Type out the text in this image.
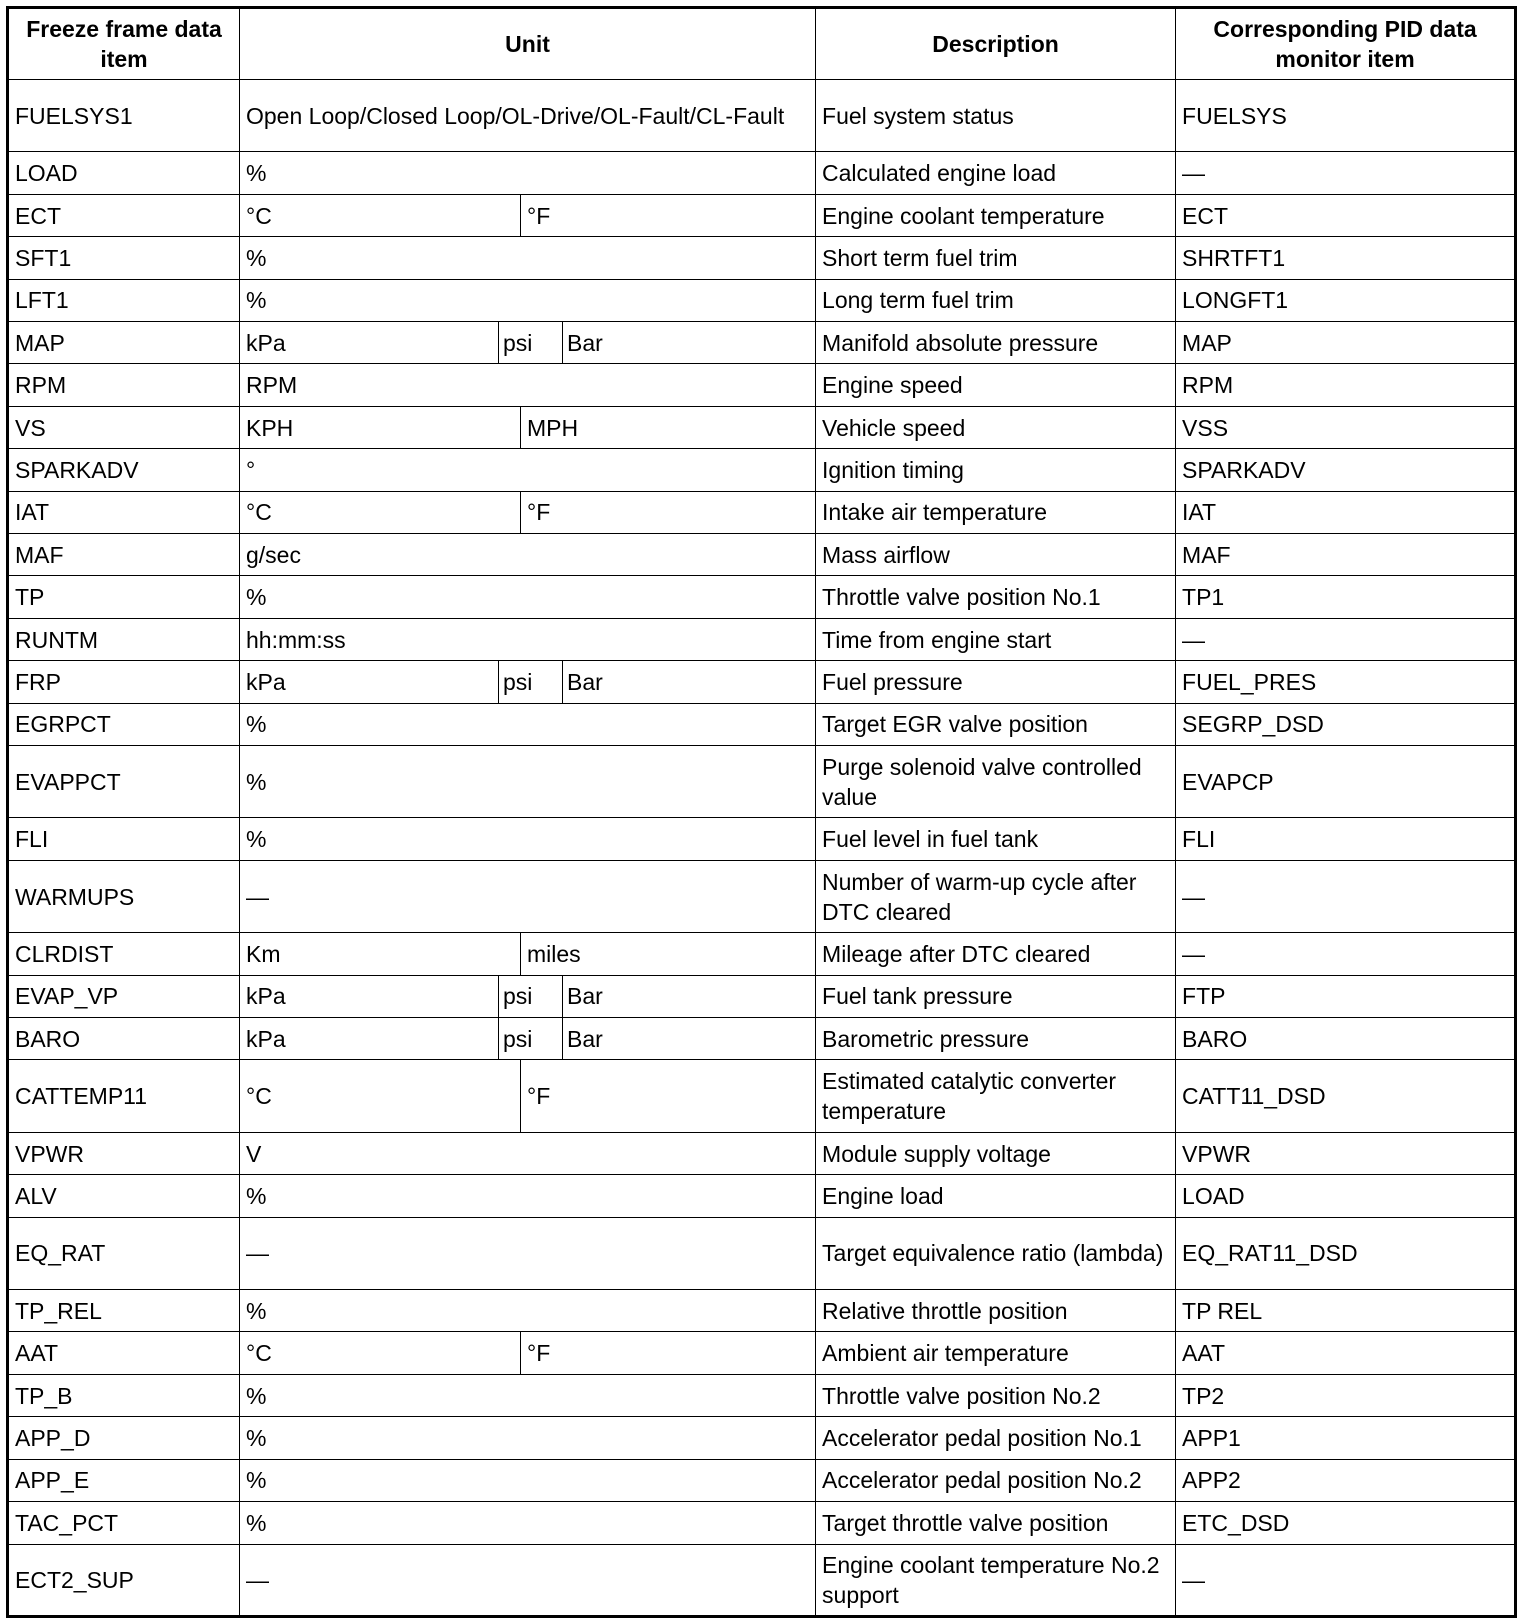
Freeze frame data item	Unit				Description	Corresponding PID data monitor item
FUELSYS1	Open Loop/Closed Loop/OL-Drive/OL-Fault/CL-Fault				Fuel system status	FUELSYS
LOAD	%				Calculated engine load	—
ECT	°C		°F		Engine coolant temperature	ECT
SFT1	%				Short term fuel trim	SHRTFT1
LFT1	%				Long term fuel trim	LONGFT1
MAP	kPa	psi		Bar	Manifold absolute pressure	MAP
RPM	RPM				Engine speed	RPM
VS	KPH		MPH		Vehicle speed	VSS
SPARKADV	°				Ignition timing	SPARKADV
IAT	°C		°F		Intake air temperature	IAT
MAF	g/sec				Mass airflow	MAF
TP	%				Throttle valve position No.1	TP1
RUNTM	hh:mm:ss				Time from engine start	—
FRP	kPa	psi		Bar	Fuel pressure	FUEL_PRES
EGRPCT	%				Target EGR valve position	SEGRP_DSD
EVAPPCT	%				Purge solenoid valve controlled value	EVAPCP
FLI	%				Fuel level in fuel tank	FLI
WARMUPS	—				Number of warm-up cycle after DTC cleared	—
CLRDIST	Km		miles		Mileage after DTC cleared	—
EVAP_VP	kPa	psi		Bar	Fuel tank pressure	FTP
BARO	kPa	psi		Bar	Barometric pressure	BARO
CATTEMP11	°C		°F		Estimated catalytic converter temperature	CATT11_DSD
VPWR	V				Module supply voltage	VPWR
ALV	%				Engine load	LOAD
EQ_RAT	—				Target equivalence ratio (lambda)	EQ_RAT11_DSD
TP_REL	%				Relative throttle position	TP REL
AAT	°C		°F		Ambient air temperature	AAT
TP_B	%				Throttle valve position No.2	TP2
APP_D	%				Accelerator pedal position No.1	APP1
APP_E	%				Accelerator pedal position No.2	APP2
TAC_PCT	%				Target throttle valve position	ETC_DSD
ECT2_SUP	—				Engine coolant temperature No.2 support	—
